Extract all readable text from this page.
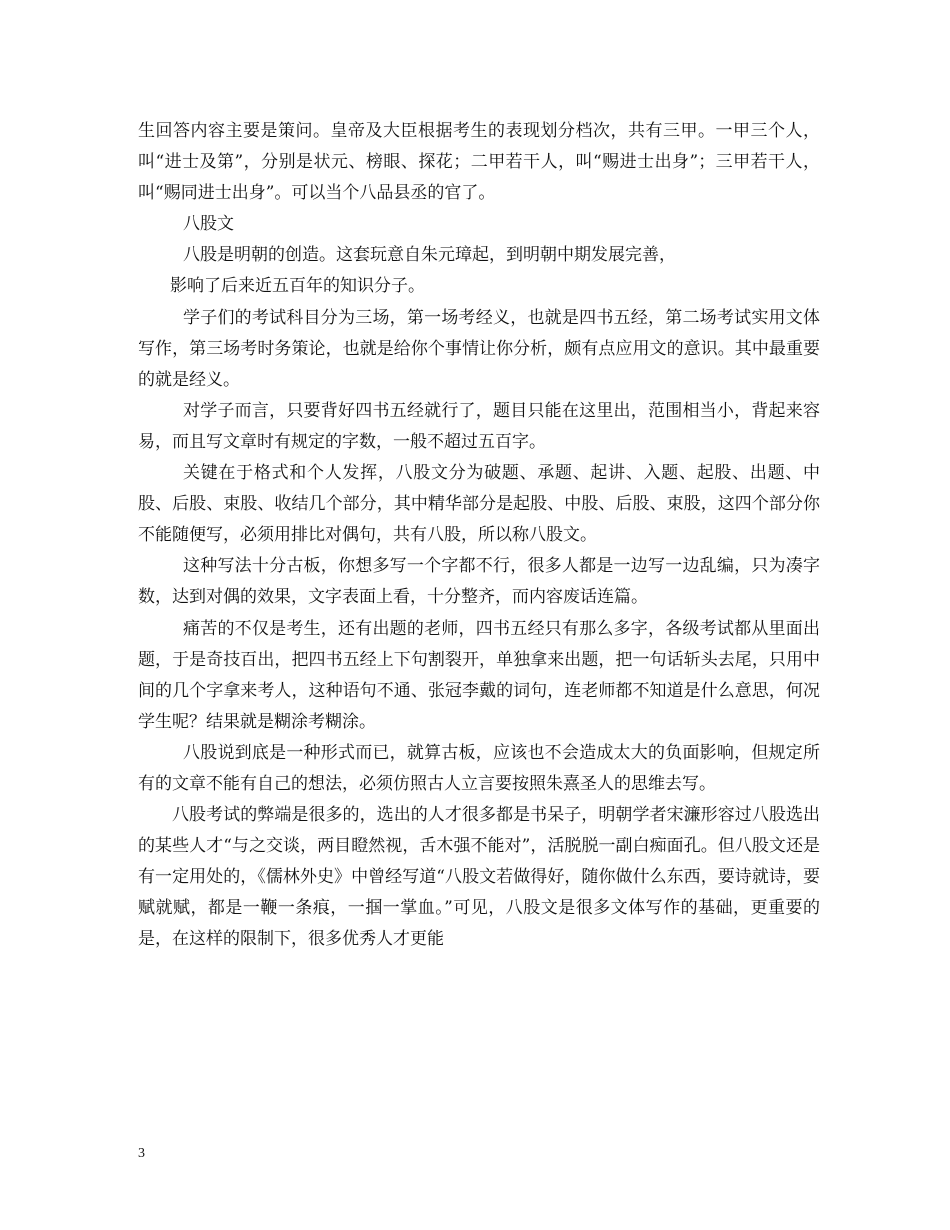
生回答内容主要是策问。皇帝及大臣根据考生的表现划分档次，共有三甲。一甲三个人，叫“进士及第”，分别是状元、榜眼、探花；二甲若干人，叫“赐进士出身”；三甲若干人，叫“赐同进士出身”。可以当个八品县丞的官了。

八股文

八股是明朝的创造。这套玩意自朱元璋起，到明朝中期发展完善，

影响了后来近五百年的知识分子。

学子们的考试科目分为三场，第一场考经义，也就是四书五经，第二场考试实用文体写作，第三场考时务策论，也就是给你个事情让你分析，颇有点应用文的意识。其中最重要的就是经义。

对学子而言，只要背好四书五经就行了，题目只能在这里出，范围相当小，背起来容易，而且写文章时有规定的字数，一般不超过五百字。

关键在于格式和个人发挥，八股文分为破题、承题、起讲、入题、起股、出题、中股、后股、束股、收结几个部分，其中精华部分是起股、中股、后股、束股，这四个部分你不能随便写，必须用排比对偶句，共有八股，所以称八股文。

这种写法十分古板，你想多写一个字都不行，很多人都是一边写一边乱编，只为凑字数，达到对偶的效果，文字表面上看，十分整齐，而内容废话连篇。

痛苦的不仅是考生，还有出题的老师，四书五经只有那么多字，各级考试都从里面出题，于是奇技百出，把四书五经上下句割裂开，单独拿来出题，把一句话斩头去尾，只用中间的几个字拿来考人，这种语句不通、张冠李戴的词句，连老师都不知道是什么意思，何况学生呢？结果就是糊涂考糊涂。

八股说到底是一种形式而已，就算古板，应该也不会造成太大的负面影响，但规定所有的文章不能有自己的想法，必须仿照古人立言要按照朱熹圣人的思维去写。

八股考试的弊端是很多的，选出的人才很多都是书呆子，明朝学者宋濂形容过八股选出的某些人才“与之交谈，两目瞪然视，舌木强不能对”，活脱脱一副白痴面孔。但八股文还是有一定用处的，《儒林外史》中曾经写道“八股文若做得好，随你做什么东西，要诗就诗，要赋就赋，都是一鞭一条痕，一掴一掌血。”可见，八股文是很多文体写作的基础，更重要的是，在这样的限制下，很多优秀人才更能

3
